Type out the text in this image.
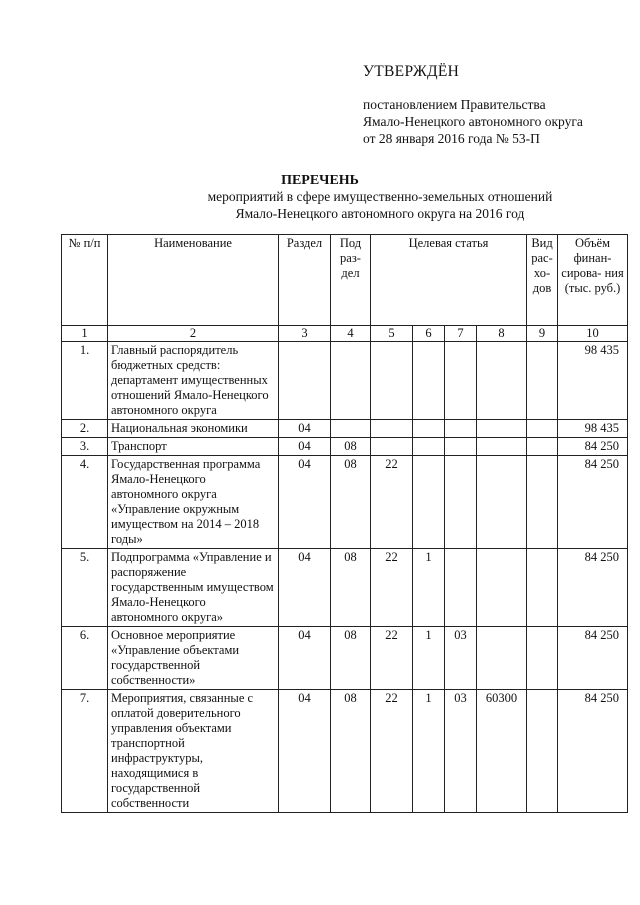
УТВЕРЖДЁН
постановлением Правительства
Ямало-Ненецкого автономного округа
от 28 января 2016 года № 53-П
ПЕРЕЧЕНЬ
мероприятий в сфере имущественно-земельных отношений
Ямало-Ненецкого автономного округа на 2016 год
№ п/п	Наименование	Раздел	Под раз- дел	Целевая статья				Вид рас- хо- дов	Объём финан- сирова- ния (тыс. руб.)
1	2	3	4	5	6	7	8	9	10
1.	Главный распорядитель бюджетных средств: департамент имущественных отношений Ямало-Ненецкого автономного округа								98 435
2.	Национальная экономики	04							98 435
3.	Транспорт	04	08						84 250
4.	Государственная программа Ямало-Ненецкого автономного округа «Управление окружным имуществом на 2014 – 2018 годы»	04	08	22					84 250
5.	Подпрограмма «Управление и распоряжение государственным имуществом Ямало-Ненецкого автономного округа»	04	08	22	1				84 250
6.	Основное мероприятие «Управление объектами государственной собственности»	04	08	22	1	03			84 250
7.	Мероприятия, связанные с оплатой доверительного управления объектами транспортной инфраструктуры, находящимися в государственной собственности	04	08	22	1	03	60300		84 250
